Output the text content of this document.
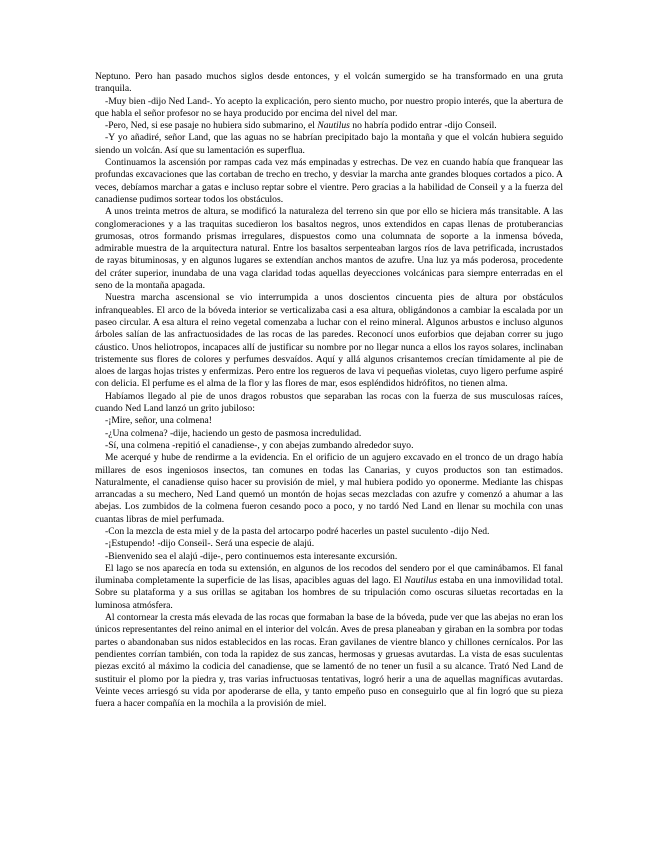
Neptuno. Pero han pasado muchos siglos desde entonces, y el volcán sumergido se ha transformado en una gruta tranquila.

-Muy bien -dijo Ned Land-. Yo acepto la explicación, pero siento mucho, por nuestro propio interés, que la abertura de que habla el señor profesor no se haya producido por encima del nivel del mar.

-Pero, Ned, si ese pasaje no hubiera sido submarino, el Nautilus no habría podido entrar -dijo Conseil.

-Y yo añadiré, señor Land, que las aguas no se habrían precipitado bajo la montaña y que el volcán hubiera seguido siendo un volcán. Así que su lamentación es superflua.

Continuamos la ascensión por rampas cada vez más empinadas y estrechas. De vez en cuando había que franquear las profundas excavaciones que las cortaban de trecho en trecho, y desviar la marcha ante grandes bloques cortados a pico. A veces, debíamos marchar a gatas e incluso reptar sobre el vientre. Pero gracias a la habilidad de Conseil y a la fuerza del canadiense pudimos sortear todos los obstáculos.

A unos treinta metros de altura, se modificó la naturaleza del terreno sin que por ello se hiciera más transitable. A las conglomeraciones y a las traquitas sucedieron los basaltos negros, unos extendidos en capas llenas de protuberancias grumosas, otros formando prismas irregulares, dispuestos como una columnata de soporte a la inmensa bóveda, admirable muestra de la arquitectura natural. Entre los basaltos serpenteaban largos ríos de lava petrificada, incrustados de rayas bituminosas, y en algunos lugares se extendían anchos mantos de azufre. Una luz ya más poderosa, procedente del cráter superior, inundaba de una vaga claridad todas aquellas deyecciones volcánicas para siempre enterradas en el seno de la montaña apagada.

Nuestra marcha ascensional se vio interrumpida a unos doscientos cincuenta pies de altura por obstáculos infranqueables. El arco de la bóveda interior se verticalizaba casi a esa altura, obligándonos a cambiar la escalada por un paseo circular. A esa altura el reino vegetal comenzaba a luchar con el reino mineral. Algunos arbustos e incluso algunos árboles salían de las anfractuosidades de las rocas de las paredes. Reconocí unos euforbios que dejaban correr su jugo cáustico. Unos heliotropos, incapaces allí de justificar su nombre por no llegar nunca a ellos los rayos solares, inclinaban tristemente sus flores de colores y perfumes desvaídos. Aquí y allá algunos crisantemos crecían tímidamente al pie de aloes de largas hojas tristes y enfermizas. Pero entre los regueros de lava vi pequeñas violetas, cuyo ligero perfume aspiré con delicia. El perfume es el alma de la flor y las flores de mar, esos espléndidos hidrófitos, no tienen alma.

Habíamos llegado al pie de unos dragos robustos que separaban las rocas con la fuerza de sus musculosas raíces, cuando Ned Land lanzó un grito jubiloso:

-¡Mire, señor, una colmena!

-¿Una colmena? -dije, haciendo un gesto de pasmosa incredulidad.

-Sí, una colmena -repitió el canadiense-, y con abejas zumbando alrededor suyo.

Me acerqué y hube de rendirme a la evidencia. En el orificio de un agujero excavado en el tronco de un drago había millares de esos ingeniosos insectos, tan comunes en todas las Canarias, y cuyos productos son tan estimados. Naturalmente, el canadiense quiso hacer su provisión de miel, y mal hubiera podido yo oponerme. Mediante las chispas arrancadas a su mechero, Ned Land quemó un montón de hojas secas mezcladas con azufre y comenzó a ahumar a las abejas. Los zumbidos de la colmena fueron cesando poco a poco, y no tardó Ned Land en llenar su mochila con unas cuantas libras de miel perfumada.

-Con la mezcla de esta miel y de la pasta del artocarpo podré hacerles un pastel suculento -dijo Ned.

-¡Estupendo! -dijo Conseil-. Será una especie de alajú.

-Bienvenido sea el alajú -dije-, pero continuemos esta interesante excursión.

El lago se nos aparecía en toda su extensión, en algunos de los recodos del sendero por el que caminábamos. El fanal iluminaba completamente la superficie de las lisas, apacibles aguas del lago. El Nautilus estaba en una inmovilidad total. Sobre su plataforma y a sus orillas se agitaban los hombres de su tripulación como oscuras siluetas recortadas en la luminosa atmósfera.

Al contornear la cresta más elevada de las rocas que formaban la base de la bóveda, pude ver que las abejas no eran los únicos representantes del reino animal en el interior del volcán. Aves de presa planeaban y giraban en la sombra por todas partes o abandonaban sus nidos establecidos en las rocas. Eran gavilanes de vientre blanco y chillones cernícalos. Por las pendientes corrían también, con toda la rapidez de sus zancas, hermosas y gruesas avutardas. La vista de esas suculentas piezas excitó al máximo la codicia del canadiense, que se lamentó de no tener un fusil a su alcance. Trató Ned Land de sustituir el plomo por la piedra y, tras varias infructuosas tentativas, logró herir a una de aquellas magníficas avutardas. Veinte veces arriesgó su vida por apoderarse de ella, y tanto empeño puso en conseguirlo que al fin logró que su pieza fuera a hacer compañía en la mochila a la provisión de miel.
